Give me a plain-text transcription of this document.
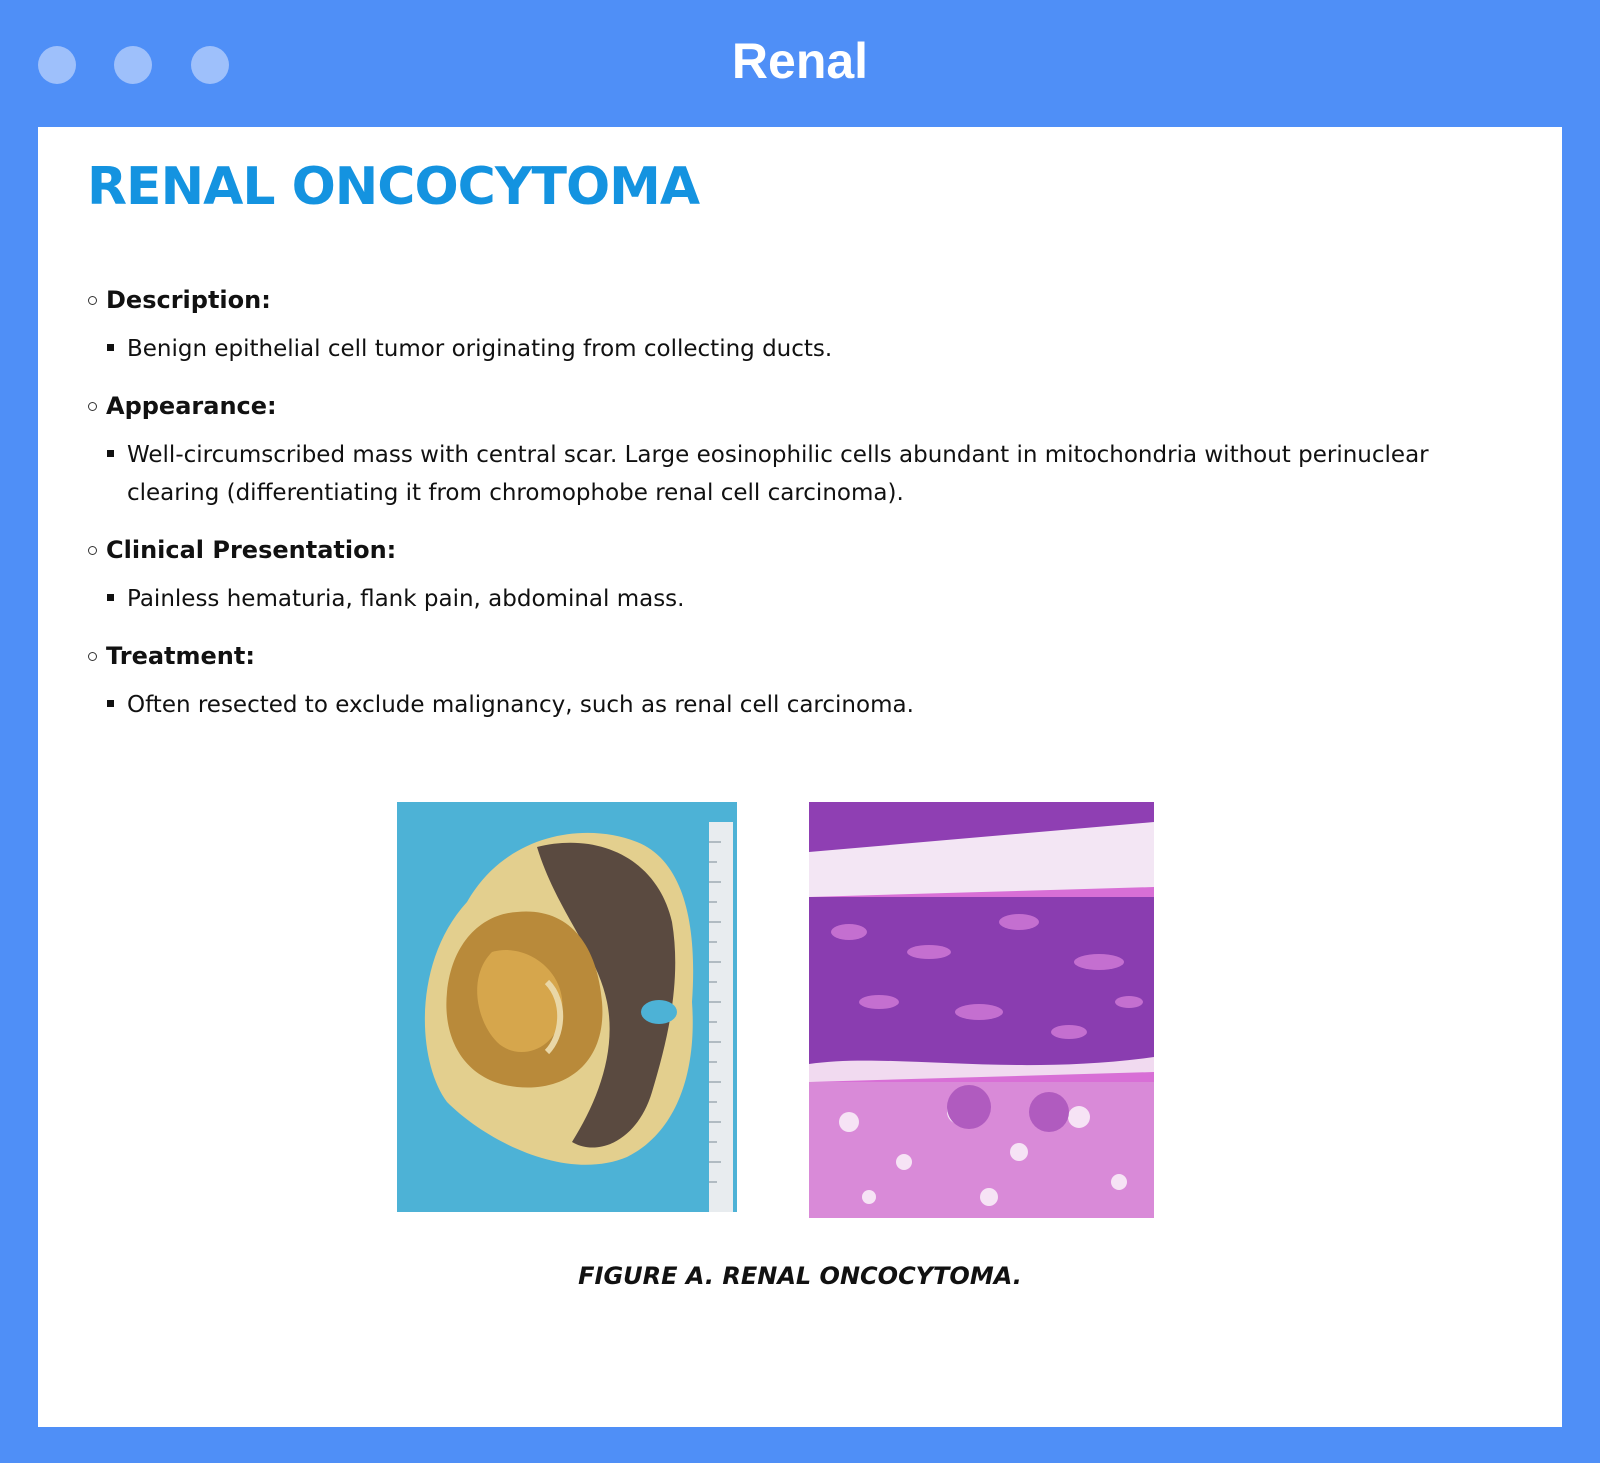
Renal
RENAL ONCOCYTOMA
Description:
Benign epithelial cell tumor originating from collecting ducts.
Appearance:
Well-circumscribed mass with central scar. Large eosinophilic cells abundant in mitochondria without perinuclear clearing (differentiating it from chromophobe renal cell carcinoma).
Clinical Presentation:
Painless hematuria, flank pain, abdominal mass.
Treatment:
Often resected to exclude malignancy, such as renal cell carcinoma.
FIGURE A. RENAL ONCOCYTOMA.
